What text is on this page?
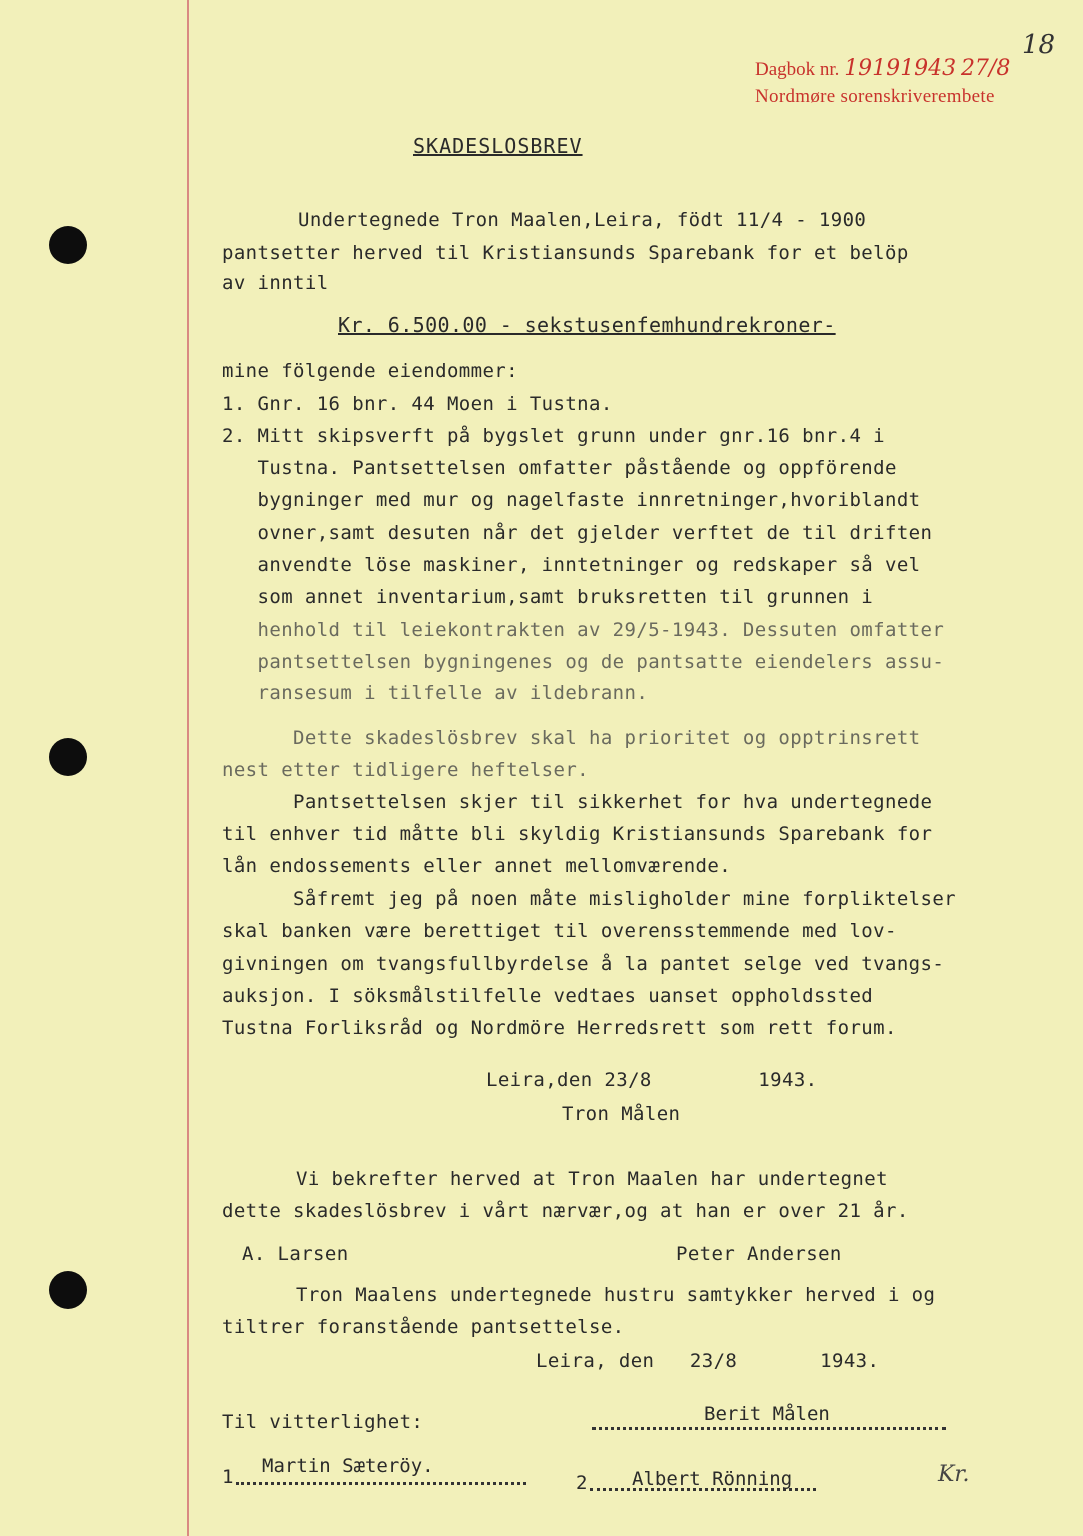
Dagbok nr. 19191943 27/8
Nordmøre sorenskriverembete
18
SKADESLOSBREV
Undertegnede Tron Maalen,Leira, födt 11/4 - 1900
pantsetter herved til Kristiansunds Sparebank for et belöp
av inntil
Kr. 6.500.00 - sekstusenfemhundrekroner-
mine fölgende eiendommer:
1. Gnr. 16 bnr. 44 Moen i Tustna.
2. Mitt skipsverft på bygslet grunn under gnr.16 bnr.4 i
Tustna. Pantsettelsen omfatter påstående og oppförende
bygninger med mur og nagelfaste innretninger,hvoriblandt
ovner,samt desuten når det gjelder verftet de til driften
anvendte löse maskiner, inntetninger og redskaper så vel
som annet inventarium,samt bruksretten til grunnen i
henhold til leiekontrakten av 29/5-1943. Dessuten omfatter
pantsettelsen bygningenes og de pantsatte eiendelers assu-
ransesum i tilfelle av ildebrann.
Dette skadeslösbrev skal ha prioritet og opptrinsrett
nest etter tidligere heftelser.
Pantsettelsen skjer til sikkerhet for hva undertegnede
til enhver tid måtte bli skyldig Kristiansunds Sparebank for
lån endossements eller annet mellomværende.
Såfremt jeg på noen måte misligholder mine forpliktelser
skal banken være berettiget til overensstemmende med lov-
givningen om tvangsfullbyrdelse å la pantet selge ved tvangs-
auksjon. I söksmålstilfelle vedtaes uanset oppholdssted
Tustna Forliksråd og Nordmöre Herredsrett som rett forum.
Leira,den 23/8         1943.
Tron Målen
Vi bekrefter herved at Tron Maalen har undertegnet
dette skadeslösbrev i vårt nærvær,og at han er over 21 år.
A. Larsen	Peter Andersen
Tron Maalens undertegnede hustru samtykker herved i og
tiltrer foranstående pantsettelse.
Leira, den   23/8       1943.
Til vitterlighet:	Berit Målen
1 Martin Sæteröy.
2 Albert Rönning	Kr.
